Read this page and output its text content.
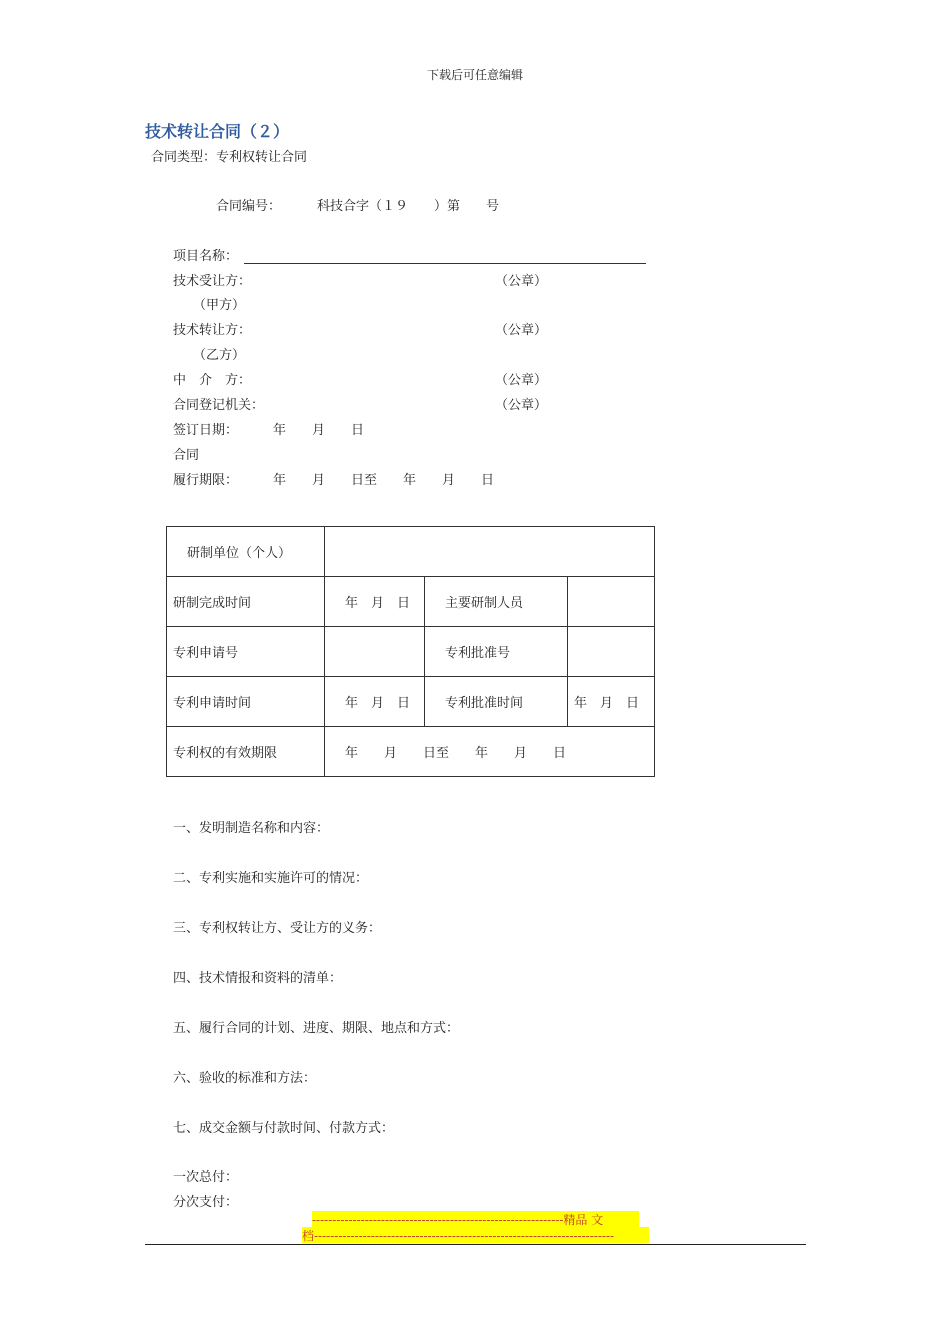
下载后可任意编辑
技术转让合同（２）
合同类型：专利权转让合同
合同编号：	科技合字（１９　　）第　　号
项目名称：
技术受让方：	（公章）
（甲方）
技术转让方：	（公章）
（乙方）
中　介　方：	（公章）
合同登记机关：	（公章）
签订日期：	年　　月　　日
合同
履行期限：	年　　月　　日至　　年　　月　　日
研制单位（个人）			
研制完成时间	年　月　日	主要研制人员	
专利申请号		专利批准号	
专利申请时间	年　月　日	专利批准时间	年　月　日
专利权的有效期限	年　　月　　日至　　年　　月　　日		
一、发明制造名称和内容：
二、专利实施和实施许可的情况：
三、专利权转让方、受让方的义务：
四、技术情报和资料的清单：
五、履行合同的计划、进度、期限、地点和方式：
六、验收的标准和方法：
七、成交金额与付款时间、付款方式：
一次总付：
分次支付：
--------------------------------------------------------------精品 文
档--------------------------------------------------------------------------
